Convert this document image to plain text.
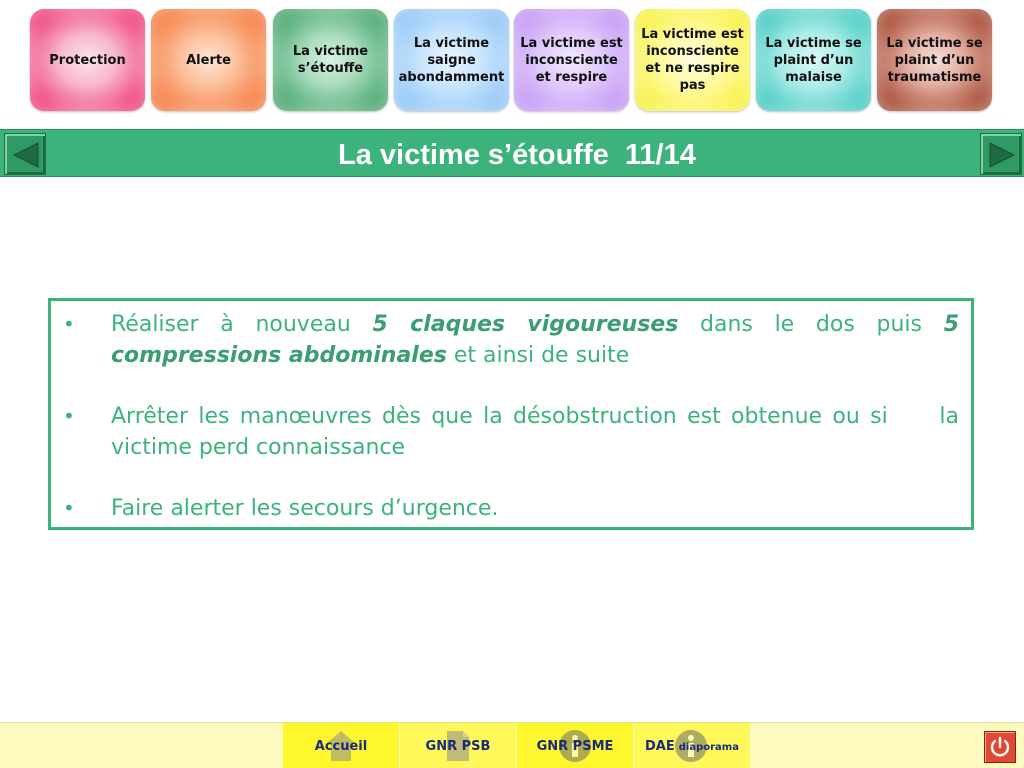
Protection	Alerte
La victime
s’étouffe
La victime
saigne
abondamment
La victime est
inconsciente
et respire
La victime est
inconsciente
et ne respire
pas
La victime se
plaint d’un
malaise
La victime se
plaint d’un
traumatisme
La victime s’étouffe 11/14
• Réaliser à nouveau 5 claques vigoureuses dans le dos puis 5 compressions abdominales et ainsi de suite
• Arrêter les manœuvres dès que la désobstruction est obtenue ou si     la victime perd connaissance
• Faire alerter les secours d’urgence.
Accueil	GNR PSB	GNR PSME DAE diaporama
